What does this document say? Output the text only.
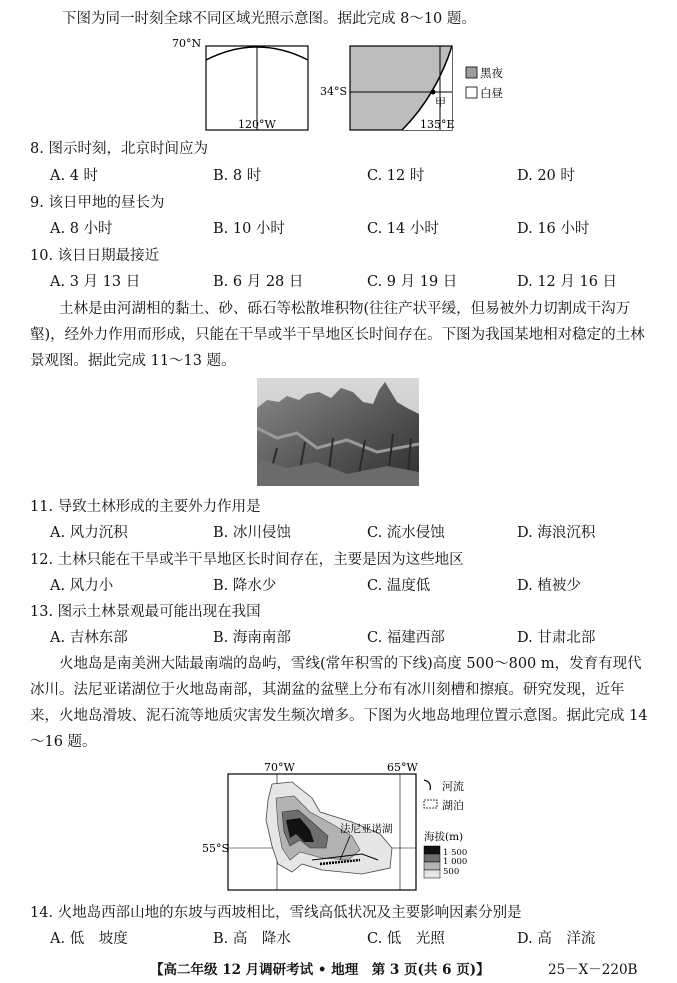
下图为同一时刻全球不同区域光照示意图。据此完成 8～10 题。
70°N
120°W
34°S
甲
135°E
黑夜
白昼
8. 图示时刻，北京时间应为
A. 4 时	B. 8 时	C. 12 时	D. 20 时
9. 该日甲地的昼长为
A. 8 小时	B. 10 小时	C. 14 小时	D. 16 小时
10. 该日日期最接近
A. 3 月 13 日	B. 6 月 28 日	C. 9 月 19 日	D. 12 月 16 日
土林是由河湖相的黏土、砂、砾石等松散堆积物(往往产状平缓，但易被外力切割成干沟万壑)，经外力作用而形成，只能在干旱或半干旱地区长时间存在。下图为我国某地相对稳定的土林景观图。据此完成 11～13 题。
11. 导致土林形成的主要外力作用是
A. 风力沉积	B. 冰川侵蚀	C. 流水侵蚀	D. 海浪沉积
12. 土林只能在干旱或半干旱地区长时间存在，主要是因为这些地区
A. 风力小	B. 降水少	C. 温度低	D. 植被少
13. 图示土林景观最可能出现在我国
A. 吉林东部	B. 海南南部	C. 福建西部	D. 甘肃北部
火地岛是南美洲大陆最南端的岛屿，雪线(常年积雪的下线)高度 500～800 m，发育有现代冰川。法尼亚诺湖位于火地岛南部，其湖盆的盆壁上分布有冰川刻槽和擦痕。研究发现，近年来，火地岛滑坡、泥石流等地质灾害发生频次增多。下图为火地岛地理位置示意图。据此完成 14～16 题。
70°W	65°W
55°S
法尼亚诺湖
河流
湖泊
海拔(m)
1 500
1 000
500
14. 火地岛西部山地的东坡与西坡相比，雪线高低状况及主要影响因素分别是
A. 低　坡度	B. 高　降水	C. 低　光照	D. 高　洋流
【高二年级 12 月调研考试 • 地理　第 3 页(共 6 页)】	25－X－220B
